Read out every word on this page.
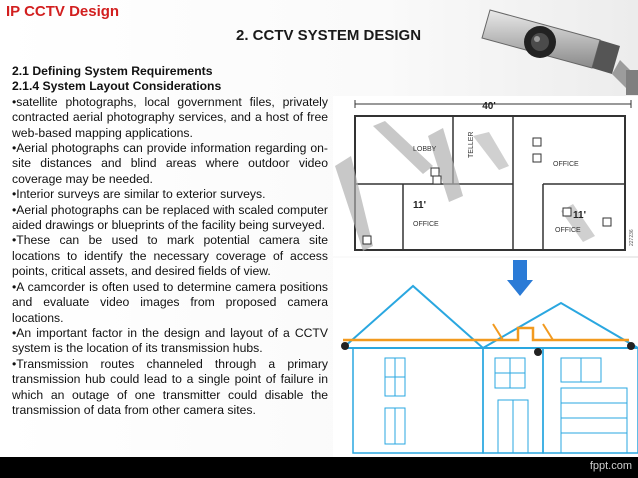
IP CCTV Design
2. CCTV SYSTEM DESIGN
2.1 Defining System Requirements
2.1.4 System Layout Considerations
•satellite photographs, local government files, privately contracted aerial photography services, and a host of free web-based mapping applications.
•Aerial photographs can provide information regarding on-site distances and blind areas where outdoor video coverage may be needed.
•Interior surveys are similar to exterior surveys.
•Aerial photographs can be replaced with scaled computer aided drawings or blueprints of the facility being surveyed.
•These can be used to mark potential camera site locations to identify the necessary coverage of access points, critical assets, and desired fields of view.
•A camcorder is often used to determine camera positions and evaluate video images from proposed camera locations.
•An important factor in the design and layout of a CCTV system is the location of its transmission hubs.
•Transmission routes channeled through a primary transmission hub could lead to a single point of failure in which an outage of one transmitter could disable the transmission of data from other camera sites.
40'
LOBBY	TELLER
OFFICE
OFFICE
OFFICE
11'
11'
227236
fppt.com
